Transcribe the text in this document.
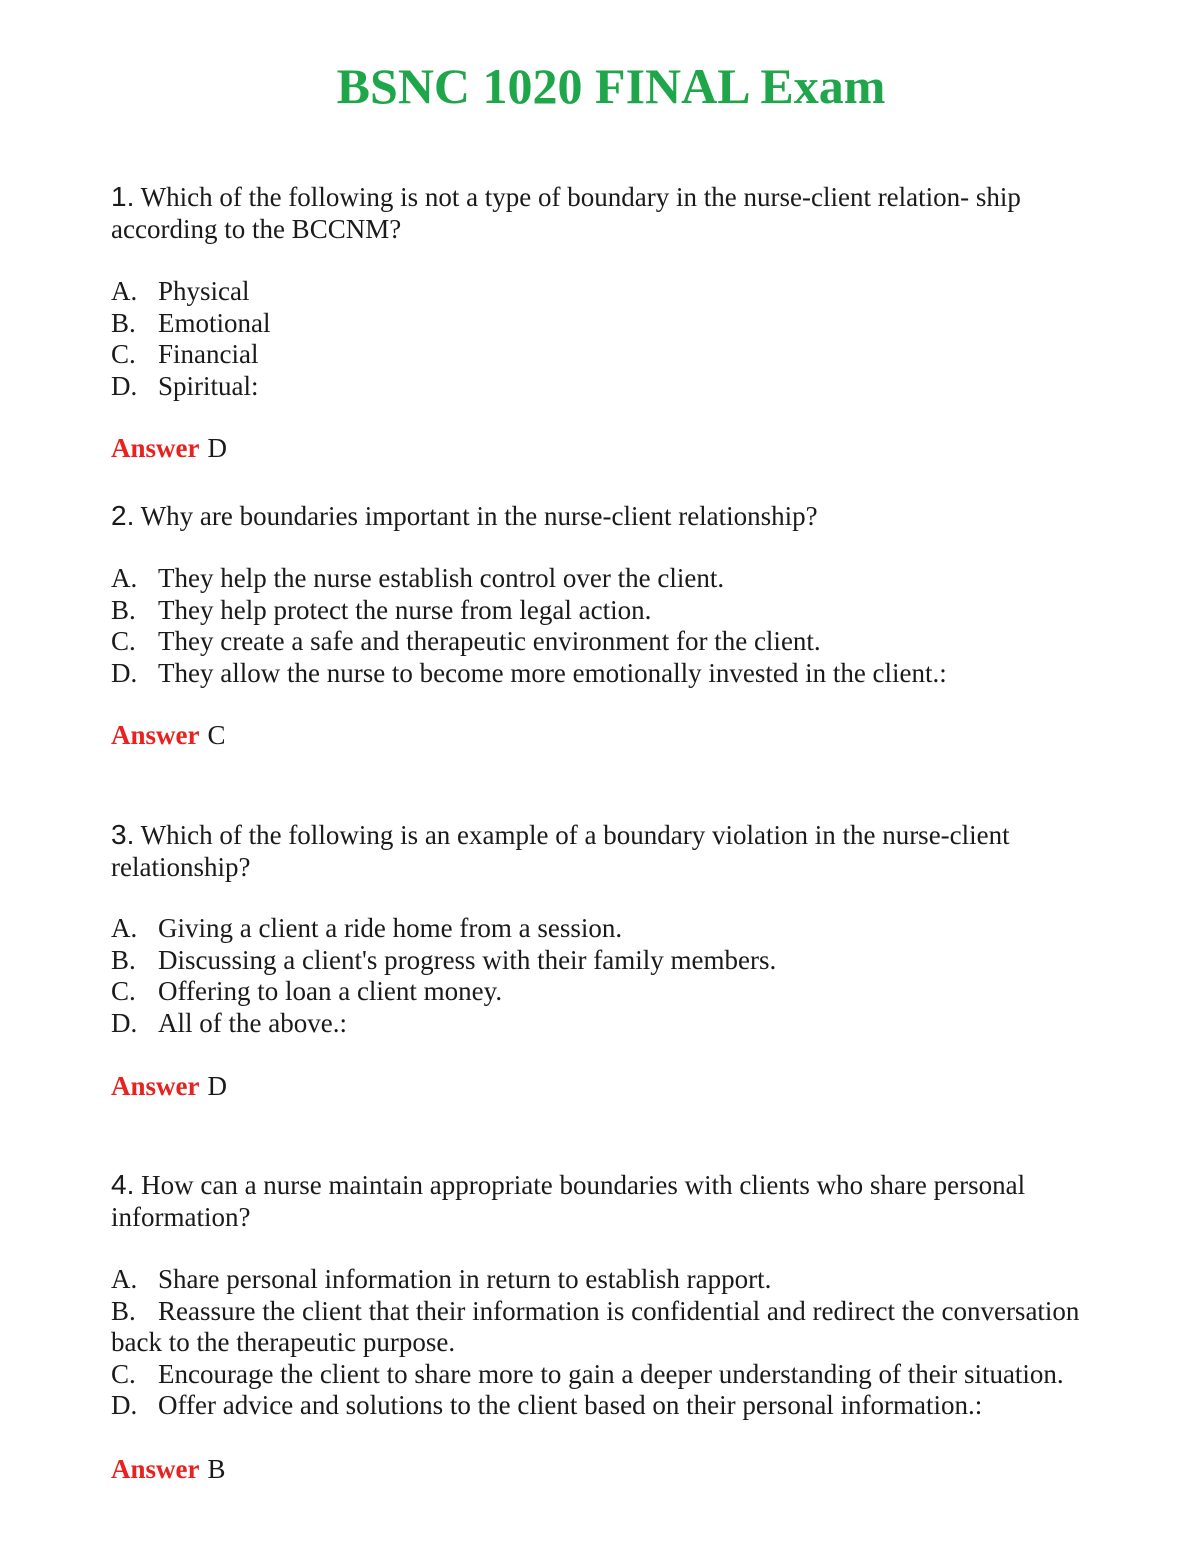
BSNC 1020 FINAL Exam

1. Which of the following is not a type of boundary in the nurse-client relation- ship according to the BCCNM?

A. Physical
B. Emotional
C. Financial
D. Spiritual:
Answer D

2. Why are boundaries important in the nurse-client relationship?

A. They help the nurse establish control over the client.
B. They help protect the nurse from legal action.
C. They create a safe and therapeutic environment for the client.
D. They allow the nurse to become more emotionally invested in the client.:
Answer C

3. Which of the following is an example of a boundary violation in the nurse-client relationship?

A. Giving a client a ride home from a session.
B. Discussing a client's progress with their family members.
C. Offering to loan a client money.
D. All of the above.:
Answer D

4. How can a nurse maintain appropriate boundaries with clients who share personal information?

A. Share personal information in return to establish rapport.
B. Reassure the client that their information is confidential and redirect the conversation back to the therapeutic purpose.
C. Encourage the client to share more to gain a deeper understanding of their situation.
D. Offer advice and solutions to the client based on their personal information.:
Answer B
